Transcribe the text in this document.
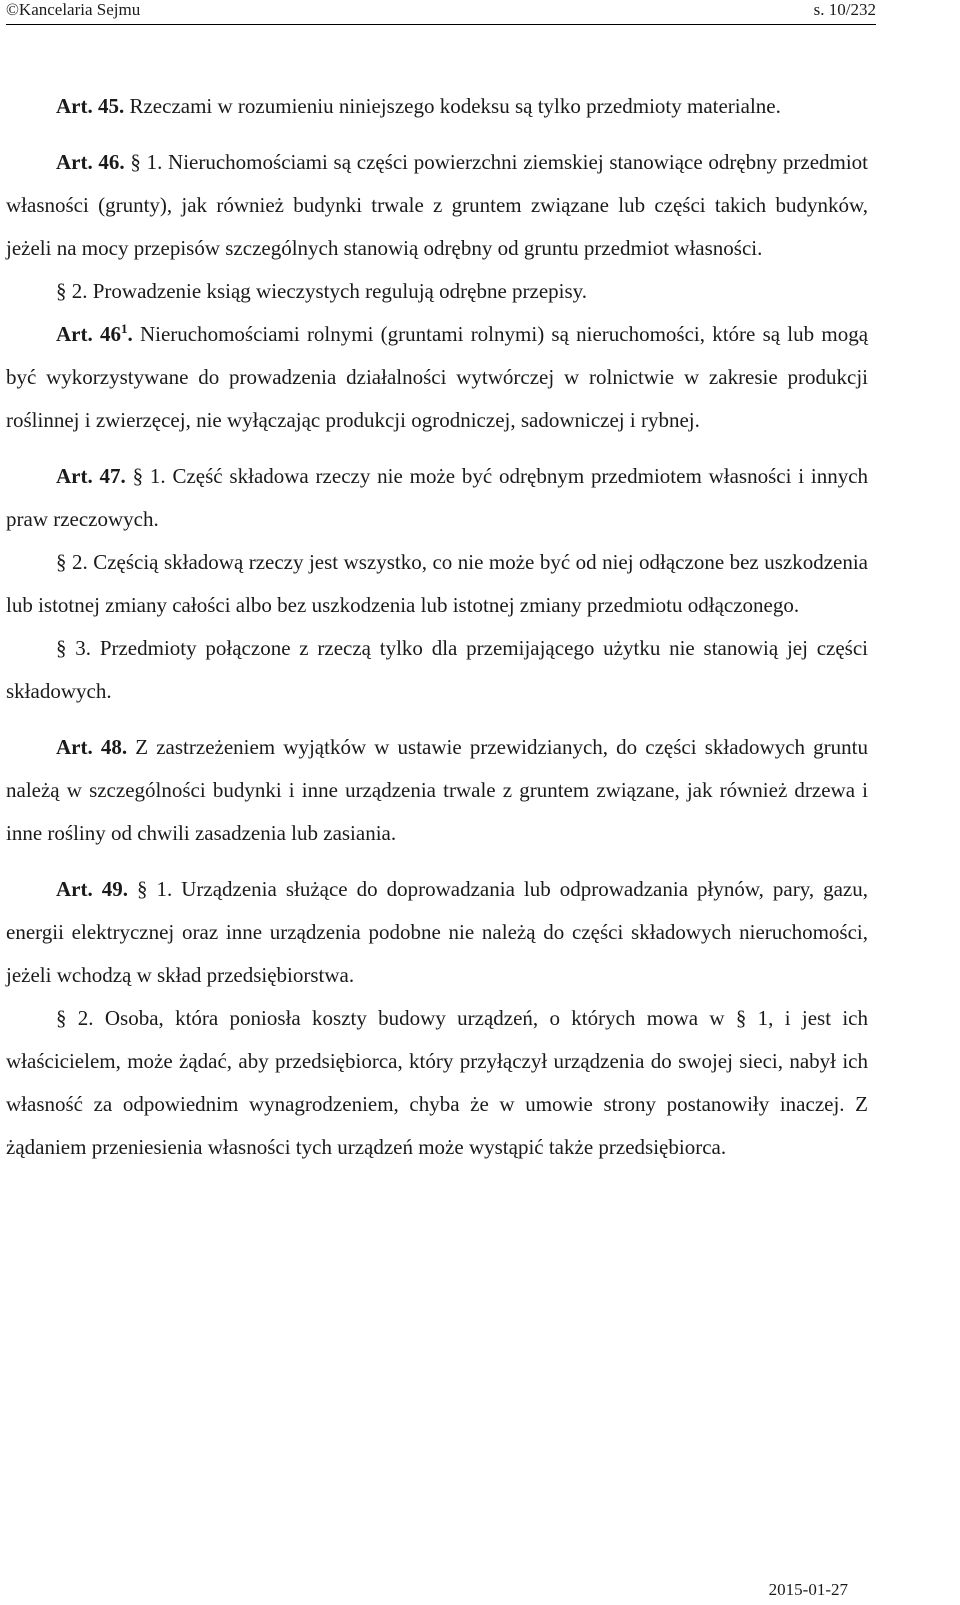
©Kancelaria Sejmu	s. 10/232

Art. 45. Rzeczami w rozumieniu niniejszego kodeksu są tylko przedmioty materialne.

Art. 46. § 1. Nieruchomościami są części powierzchni ziemskiej stanowiące odrębny przedmiot własności (grunty), jak również budynki trwale z gruntem związane lub części takich budynków, jeżeli na mocy przepisów szczególnych stanowią odrębny od gruntu przedmiot własności.

§ 2. Prowadzenie ksiąg wieczystych regulują odrębne przepisy.

Art. $46^1$. Nieruchomościami rolnymi (gruntami rolnymi) są nieruchomości, które są lub mogą być wykorzystywane do prowadzenia działalności wytwórczej w rolnictwie w zakresie produkcji roślinnej i zwierzęcej, nie wyłączając produkcji ogrodniczej, sadowniczej i rybnej.

Art. 47. § 1. Część składowa rzeczy nie może być odrębnym przedmiotem własności i innych praw rzeczowych.

§ 2. Częścią składową rzeczy jest wszystko, co nie może być od niej odłączone bez uszkodzenia lub istotnej zmiany całości albo bez uszkodzenia lub istotnej zmiany przedmiotu odłączonego.

§ 3. Przedmioty połączone z rzeczą tylko dla przemijającego użytku nie stanowią jej części składowych.

Art. 48. Z zastrzeżeniem wyjątków w ustawie przewidzianych, do części składowych gruntu należą w szczególności budynki i inne urządzenia trwale z gruntem związane, jak również drzewa i inne rośliny od chwili zasadzenia lub zasiania.

Art. 49. § 1. Urządzenia służące do doprowadzania lub odprowadzania płynów, pary, gazu, energii elektrycznej oraz inne urządzenia podobne nie należą do części składowych nieruchomości, jeżeli wchodzą w skład przedsiębiorstwa.

§ 2. Osoba, która poniosła koszty budowy urządzeń, o których mowa w § 1, i jest ich właścicielem, może żądać, aby przedsiębiorca, który przyłączył urządzenia do swojej sieci, nabył ich własność za odpowiednim wynagrodzeniem, chyba że w umowie strony postanowiły inaczej. Z żądaniem przeniesienia własności tych urządzeń może wystąpić także przedsiębiorca.

2015-01-27
